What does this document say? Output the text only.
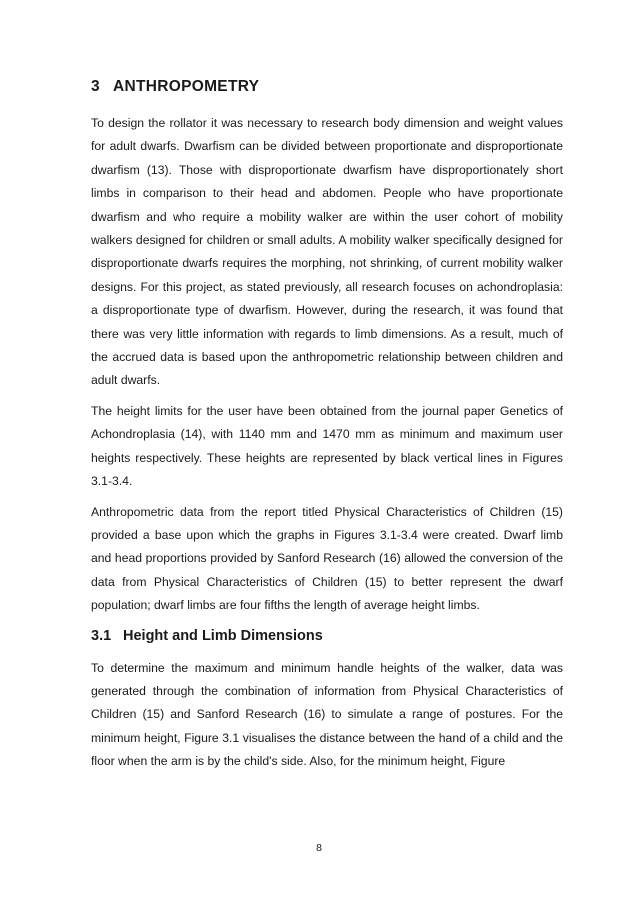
3 ANTHROPOMETRY

To design the rollator it was necessary to research body dimension and weight values for adult dwarfs. Dwarfism can be divided between proportionate and disproportionate dwarfism (13). Those with disproportionate dwarfism have disproportionately short limbs in comparison to their head and abdomen. People who have proportionate dwarfism and who require a mobility walker are within the user cohort of mobility walkers designed for children or small adults. A mobility walker specifically designed for disproportionate dwarfs requires the morphing, not shrinking, of current mobility walker designs. For this project, as stated previously, all research focuses on achondroplasia: a disproportionate type of dwarfism. However, during the research, it was found that there was very little information with regards to limb dimensions. As a result, much of the accrued data is based upon the anthropometric relationship between children and adult dwarfs.

The height limits for the user have been obtained from the journal paper Genetics of Achondroplasia (14), with 1140 mm and 1470 mm as minimum and maximum user heights respectively. These heights are represented by black vertical lines in Figures 3.1-3.4.

Anthropometric data from the report titled Physical Characteristics of Children (15) provided a base upon which the graphs in Figures 3.1-3.4 were created. Dwarf limb and head proportions provided by Sanford Research (16) allowed the conversion of the data from Physical Characteristics of Children (15) to better represent the dwarf population; dwarf limbs are four fifths the length of average height limbs.

3.1 Height and Limb Dimensions

To determine the maximum and minimum handle heights of the walker, data was generated through the combination of information from Physical Characteristics of Children (15) and Sanford Research (16) to simulate a range of postures. For the minimum height, Figure 3.1 visualises the distance between the hand of a child and the floor when the arm is by the child's side. Also, for the minimum height, Figure

8
